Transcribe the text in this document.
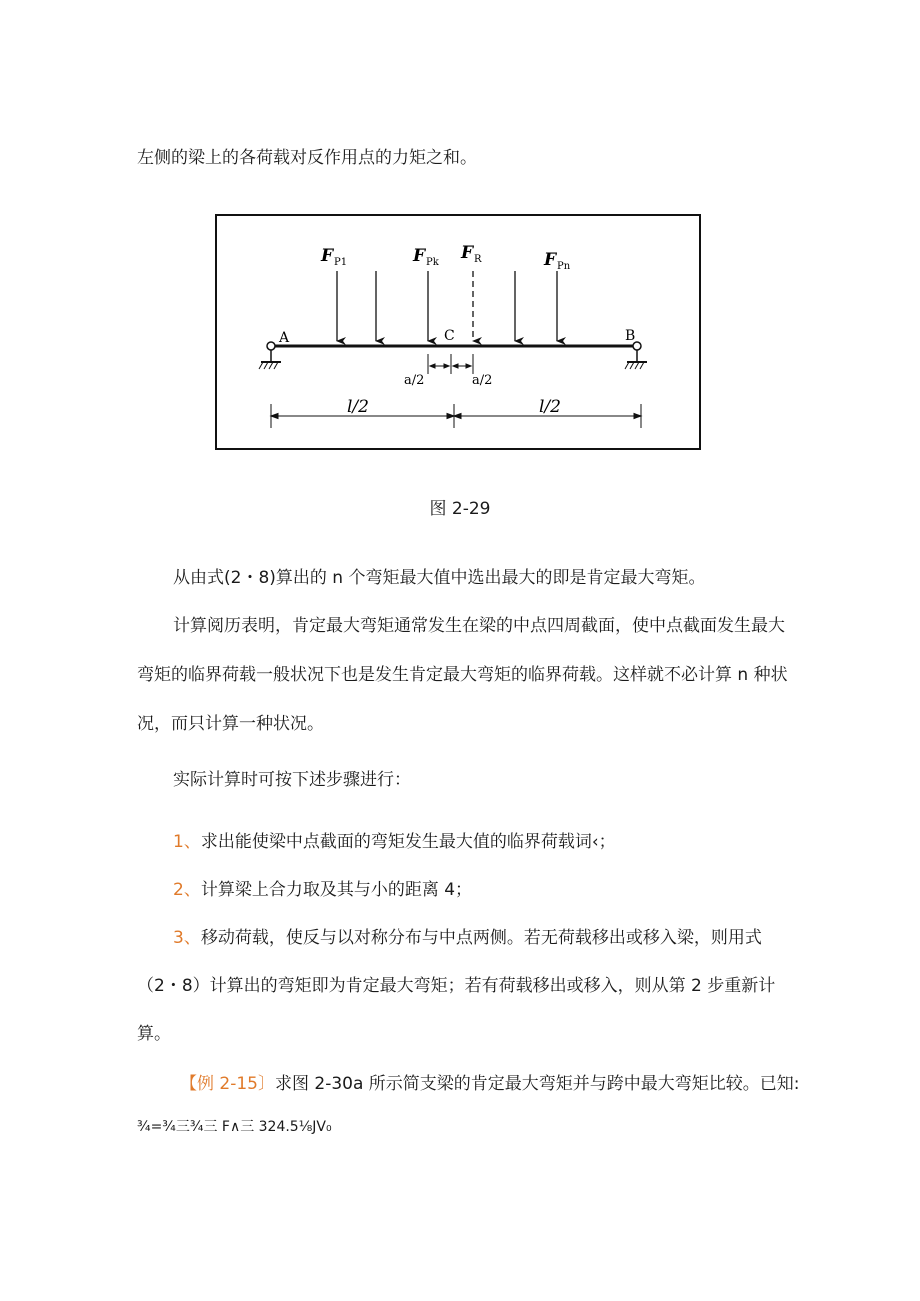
左侧的梁上的各荷载对反作用点的力矩之和。
A	B
C
F P1	F Pk F R	F Pn
a/2	a/2
l/2	l/2
图 2-29
从由式(2・8)算出的 n 个弯矩最大值中选出最大的即是肯定最大弯矩。
计算阅历表明，肯定最大弯矩通常发生在梁的中点四周截面，使中点截面发生最大
弯矩的临界荷载一般状况下也是发生肯定最大弯矩的临界荷载。这样就不必计算 n 种状
况，而只计算一种状况。
实际计算时可按下述步骤进行：
1、求出能使梁中点截面的弯矩发生最大值的临界荷载词‹；
2、计算梁上合力取及其与小的距离 4；
3、移动荷载，使反与以对称分布与中点两侧。若无荷载移出或移入梁，则用式
（2・8）计算出的弯矩即为肯定最大弯矩；若有荷载移出或移入，则从第 2 步重新计
算。
【例 2-15〕求图 2-30a 所示简支梁的肯定最大弯矩并与跨中最大弯矩比较。已知:
¾=¾三¾三 F∧三 324.5⅛JV₀
